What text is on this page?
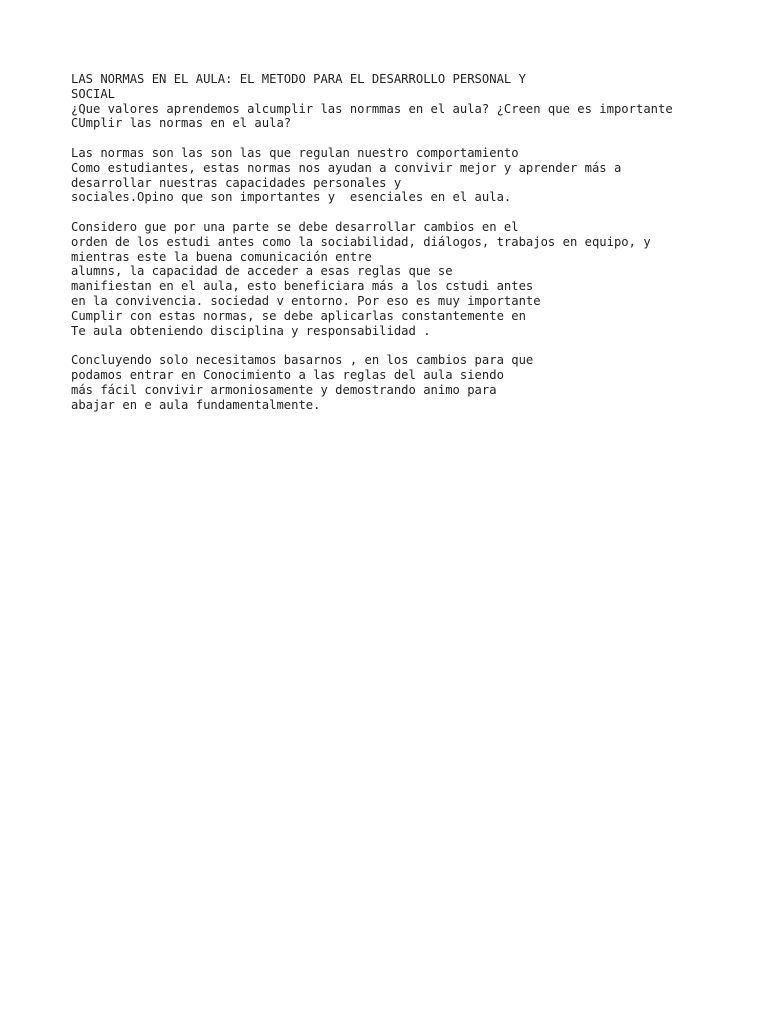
LAS NORMAS EN EL AULA: EL METODO PARA EL DESARROLLO PERSONAL Y
SOCIAL
¿Que valores aprendemos alcumplir las normmas en el aula? ¿Creen que es importante
CUmplir las normas en el aula?
Las normas son las son las que regulan nuestro comportamiento
Como estudiantes, estas normas nos ayudan a convivir mejor y aprender más a
desarrollar nuestras capacidades personales y
sociales.Opino que son importantes y  esenciales en el aula.
Considero gue por una parte se debe desarrollar cambios en el
orden de los estudi antes como la sociabilidad, diálogos, trabajos en equipo, y
mientras este la buena comunicación entre
alumns, la capacidad de acceder a esas reglas que se
manifiestan en el aula, esto beneficiara más a los cstudi antes
en la convivencia. sociedad v entorno. Por eso es muy importante
Cumplir con estas normas, se debe aplicarlas constantemente en
Te aula obteniendo disciplina y responsabilidad .
Concluyendo solo necesitamos basarnos , en los cambios para que
podamos entrar en Conocimiento a las reglas del aula siendo
más fácil convivir armoniosamente y demostrando animo para
abajar en e aula fundamentalmente.
